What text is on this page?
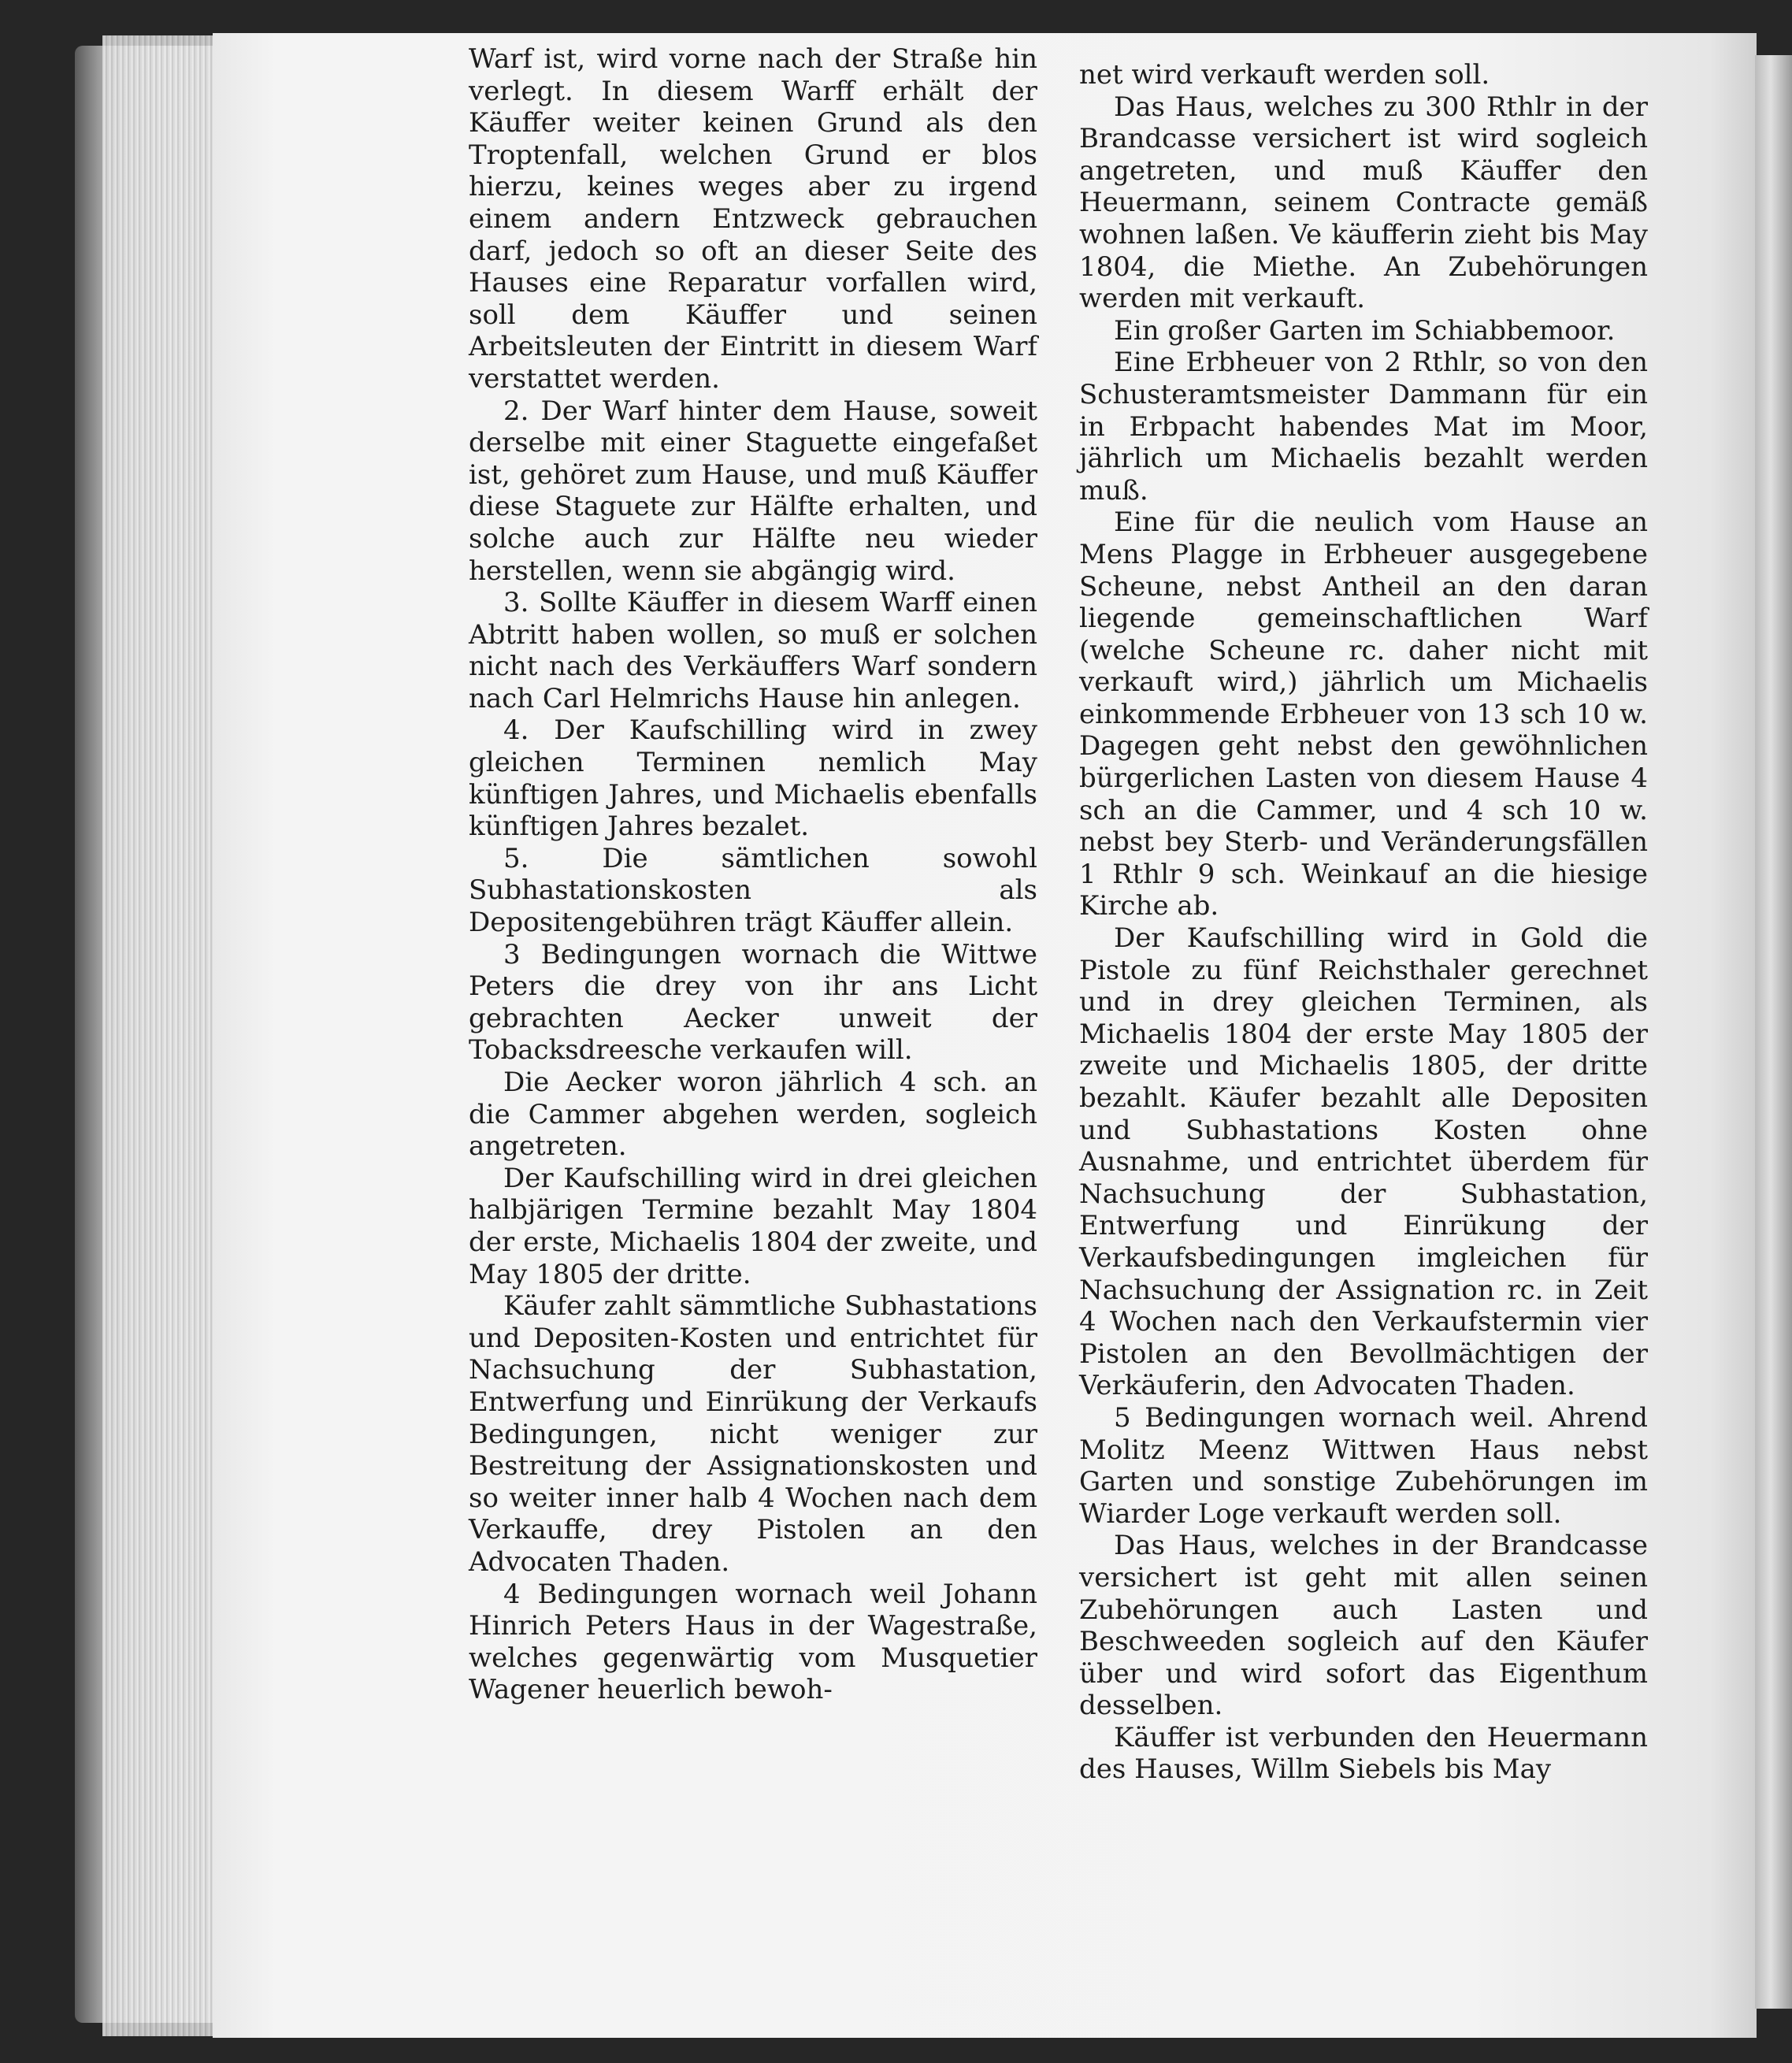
Warf ist, wird vorne nach der Straße hin verlegt. In diesem Warff erhält der Käuffer weiter keinen Grund als den Troptenfall, welchen Grund er blos hierzu, keines weges aber zu irgend einem andern Entzweck gebrauchen darf, jedoch so oft an dieser Seite des Hauses eine Reparatur vorfallen wird, soll dem Käuffer und seinen Arbeitsleuten der Eintritt in diesem Warf verstattet werden.

2. Der Warf hinter dem Hause, soweit derselbe mit einer Staguette eingefaßet ist, gehöret zum Hause, und muß Käuffer diese Staguete zur Hälfte erhalten, und solche auch zur Hälfte neu wieder herstellen, wenn sie abgängig wird.

3. Sollte Käuffer in diesem Warff einen Abtritt haben wollen, so muß er solchen nicht nach des Verkäuffers Warf sondern nach Carl Helmrichs Hause hin anlegen.

4. Der Kaufschilling wird in zwey gleichen Terminen nemlich May künftigen Jahres, und Michaelis ebenfalls künftigen Jahres bezalet.

5. Die sämtlichen sowohl Subhastationskosten als Depositengebühren trägt Käuffer allein.

3 Bedingungen wornach die Wittwe Peters die drey von ihr ans Licht gebrachten Aecker unweit der Tobacksdreesche verkaufen will.

Die Aecker woron jährlich 4 sch. an die Cammer abgehen werden, sogleich angetreten.

Der Kaufschilling wird in drei gleichen halbjärigen Termine bezahlt May 1804 der erste, Michaelis 1804 der zweite, und May 1805 der dritte.

Käufer zahlt sämmtliche Subhastations und Depositen-Kosten und entrichtet für Nachsuchung der Subhastation, Entwerfung und Einrükung der Verkaufs Bedingungen, nicht weniger zur Bestreitung der Assignationskosten und so weiter inner halb 4 Wochen nach dem Verkauffe, drey Pistolen an den Advocaten Thaden.

4 Bedingungen wornach weil Johann Hinrich Peters Haus in der Wagestraße, welches gegenwärtig vom Musquetier Wagener heuerlich bewoh-

net wird verkauft werden soll.

Das Haus, welches zu 300 Rthlr in der Brandcasse versichert ist wird sogleich angetreten, und muß Käuffer den Heuermann, seinem Contracte gemäß wohnen laßen. Ve käufferin zieht bis May 1804, die Miethe. An Zubehörungen werden mit verkauft.

Ein großer Garten im Schiabbemoor.

Eine Erbheuer von 2 Rthlr, so von den Schusteramtsmeister Dammann für ein in Erbpacht habendes Mat im Moor, jährlich um Michaelis bezahlt werden muß.

Eine für die neulich vom Hause an Mens Plagge in Erbheuer ausgegebene Scheune, nebst Antheil an den daran liegende gemeinschaftlichen Warf (welche Scheune rc. daher nicht mit verkauft wird,) jährlich um Michaelis einkommende Erbheuer von 13 sch 10 w. Dagegen geht nebst den gewöhnlichen bürgerlichen Lasten von diesem Hause 4 sch an die Cammer, und 4 sch 10 w. nebst bey Sterb- und Veränderungsfällen 1 Rthlr 9 sch. Weinkauf an die hiesige Kirche ab.

Der Kaufschilling wird in Gold die Pistole zu fünf Reichsthaler gerechnet und in drey gleichen Terminen, als Michaelis 1804 der erste May 1805 der zweite und Michaelis 1805, der dritte bezahlt. Käufer bezahlt alle Depositen und Subhastations Kosten ohne Ausnahme, und entrichtet überdem für Nachsuchung der Subhastation, Entwerfung und Einrükung der Verkaufsbedingungen imgleichen für Nachsuchung der Assignation rc. in Zeit 4 Wochen nach den Verkaufstermin vier Pistolen an den Bevollmächtigen der Verkäuferin, den Advocaten Thaden.

5 Bedingungen wornach weil. Ahrend Molitz Meenz Wittwen Haus nebst Garten und sonstige Zubehörungen im Wiarder Loge verkauft werden soll.

Das Haus, welches in der Brandcasse versichert ist geht mit allen seinen Zubehörungen auch Lasten und Beschweeden sogleich auf den Käufer über und wird sofort das Eigenthum desselben.

Käuffer ist verbunden den Heuermann des Hauses, Willm Siebels bis May
